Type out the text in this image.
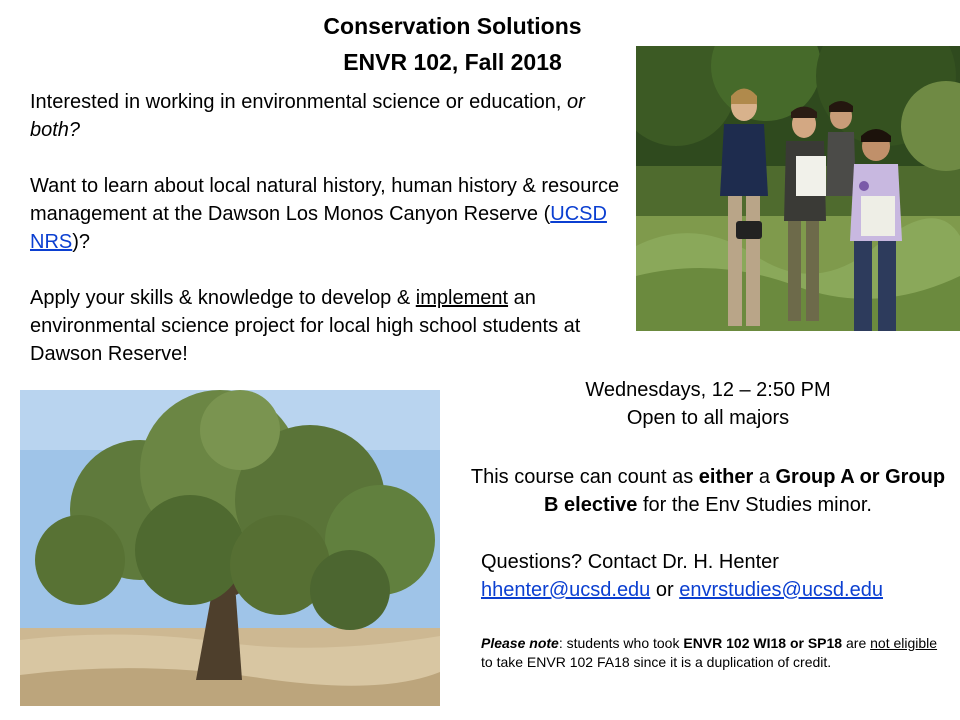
Conservation Solutions
ENVR 102, Fall 2018

Interested in working in environmental science or education, or both?

Want to learn about local natural history, human history & resource management at the Dawson Los Monos Canyon Reserve (UCSD NRS)?

Apply your skills & knowledge to develop & implement an environmental science project for local high school students at Dawson Reserve!

Wednesdays, 12 – 2:50 PM
Open to all majors
This course can count as either a Group A or Group B elective for the Env Studies minor.
Questions? Contact Dr. H. Henter
hhenter@ucsd.edu or envrstudies@ucsd.edu
Please note: students who took ENVR 102 WI18 or SP18 are not eligible to take ENVR 102 FA18 since it is a duplication of credit.
